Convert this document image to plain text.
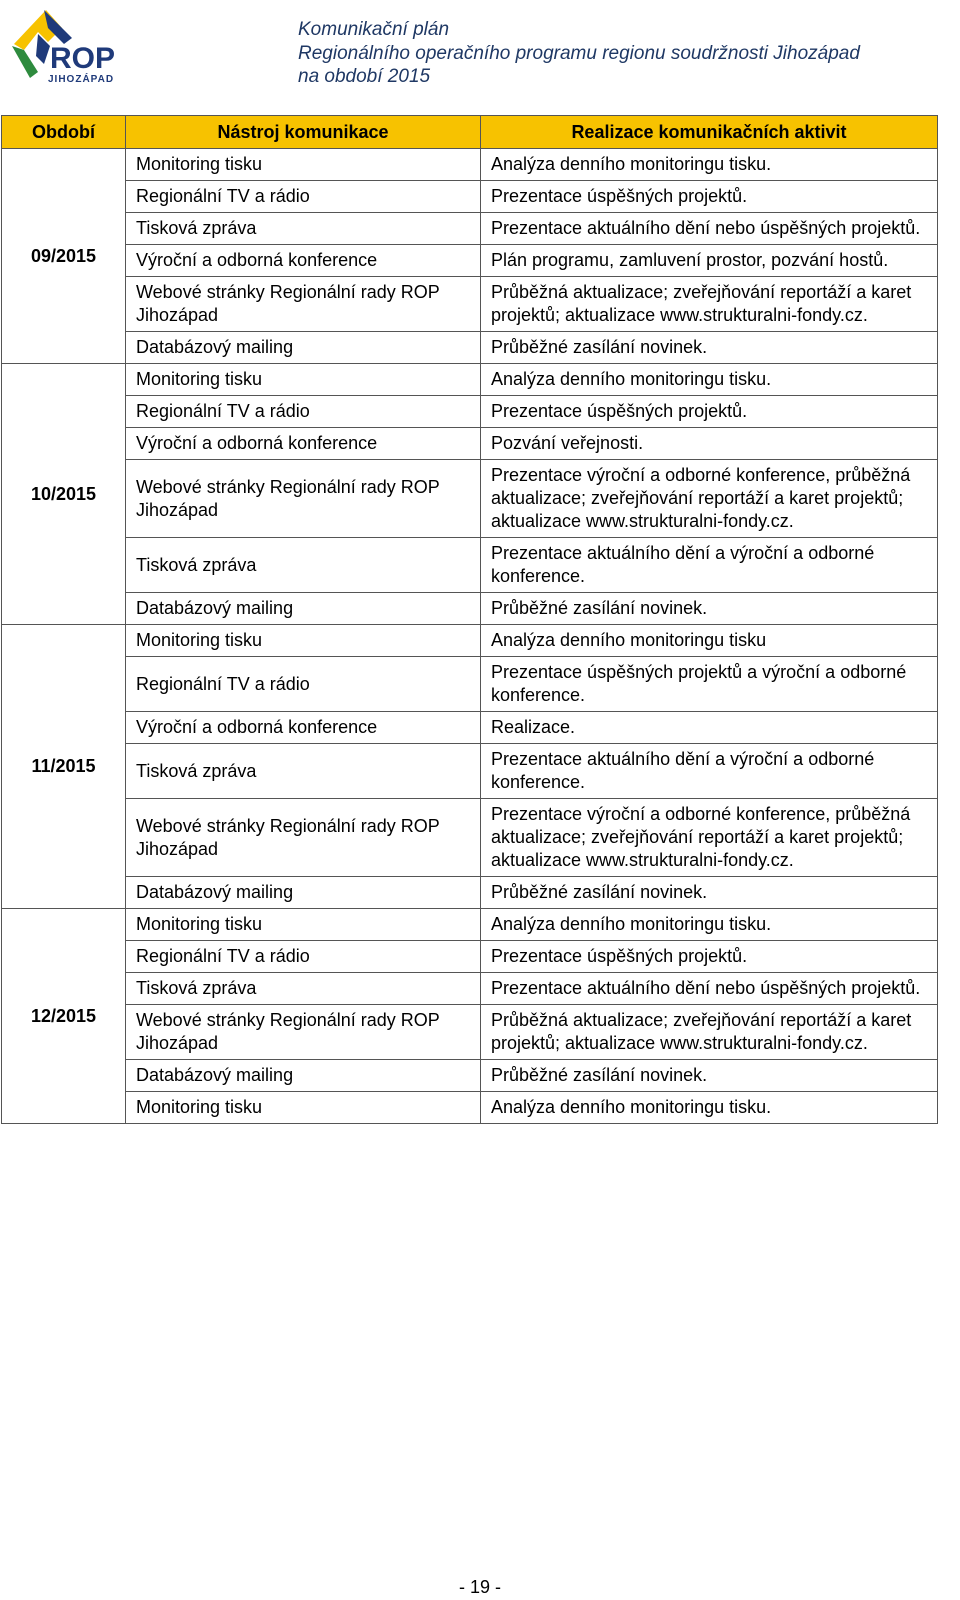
ROP
JIHOZÁPAD
Komunikační plán
Regionálního operačního programu regionu soudržnosti Jihozápad
na období 2015
Období	Nástroj komunikace	Realizace komunikačních aktivit
09/2015	Monitoring tisku	Analýza denního monitoringu tisku.
	Regionální TV a rádio	Prezentace úspěšných projektů.
	Tisková zpráva	Prezentace aktuálního dění nebo úspěšných projektů.
	Výroční a odborná konference	Plán programu, zamluvení prostor, pozvání hostů.
	Webové stránky Regionální rady ROP Jihozápad	Průběžná aktualizace; zveřejňování reportáží a karet projektů; aktualizace www.strukturalni-fondy.cz.
	Databázový mailing	Průběžné zasílání novinek.
10/2015	Monitoring tisku	Analýza denního monitoringu tisku.
	Regionální TV a rádio	Prezentace úspěšných projektů.
	Výroční a odborná konference	Pozvání veřejnosti.
	Webové stránky Regionální rady ROP Jihozápad	Prezentace výroční a odborné konference, průběžná aktualizace; zveřejňování reportáží a karet projektů; aktualizace www.strukturalni-fondy.cz.
	Tisková zpráva	Prezentace aktuálního dění a výroční a odborné konference.
	Databázový mailing	Průběžné zasílání novinek.
11/2015	Monitoring tisku	Analýza denního monitoringu tisku
	Regionální TV a rádio	Prezentace úspěšných projektů a výroční a odborné konference.
	Výroční a odborná konference	Realizace.
	Tisková zpráva	Prezentace aktuálního dění a výroční a odborné konference.
	Webové stránky Regionální rady ROP Jihozápad	Prezentace výroční a odborné konference, průběžná aktualizace; zveřejňování reportáží a karet projektů; aktualizace www.strukturalni-fondy.cz.
	Databázový mailing	Průběžné zasílání novinek.
12/2015	Monitoring tisku	Analýza denního monitoringu tisku.
	Regionální TV a rádio	Prezentace úspěšných projektů.
	Tisková zpráva	Prezentace aktuálního dění nebo úspěšných projektů.
	Webové stránky Regionální rady ROP Jihozápad	Průběžná aktualizace; zveřejňování reportáží a karet projektů; aktualizace www.strukturalni-fondy.cz.
	Databázový mailing	Průběžné zasílání novinek.
	Monitoring tisku	Analýza denního monitoringu tisku.
- 19 -
